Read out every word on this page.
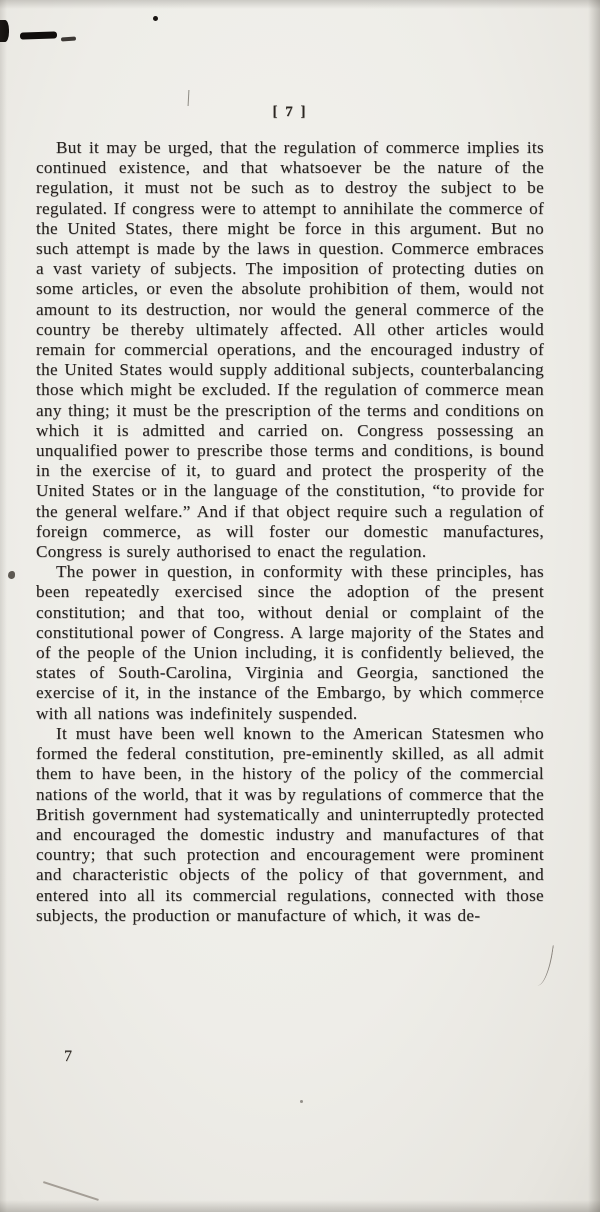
[ 7 ]

But it may be urged, that the regulation of commerce implies its continued existence, and that whatsoever be the nature of the regulation, it must not be such as to destroy the subject to be regulated. If congress were to attempt to annihilate the commerce of the United States, there might be force in this argument. But no such attempt is made by the laws in question. Commerce embraces a vast variety of subjects. The imposition of protecting duties on some articles, or even the absolute prohibition of them, would not amount to its destruction, nor would the general commerce of the country be thereby ultimately affected. All other articles would remain for commercial operations, and the encouraged industry of the United States would supply additional subjects, counterbalancing those which might be excluded. If the regulation of commerce mean any thing; it must be the prescription of the terms and conditions on which it is admitted and carried on. Congress possessing an unqualified power to prescribe those terms and conditions, is bound in the exercise of it, to guard and protect the prosperity of the United States or in the language of the constitution, “to provide for the general welfare.” And if that object require such a regulation of foreign commerce, as will foster our domestic manufactures, Congress is surely authorised to enact the regulation.

The power in question, in conformity with these principles, has been repeatedly exercised since the adoption of the present constitution; and that too, without denial or complaint of the constitutional power of Congress. A large majority of the States and of the people of the Union including, it is confidently believed, the states of South-Carolina, Virginia and Georgia, sanctioned the exercise of it, in the instance of the Embargo, by which commerce with all nations was indefinitely suspended.

It must have been well known to the American Statesmen who formed the federal constitution, pre-eminently skilled, as all admit them to have been, in the history of the policy of the commercial nations of the world, that it was by regulations of commerce that the British government had systematically and uninterruptedly protected and encouraged the domestic industry and manufactures of that country; that such protection and encouragement were prominent and characteristic objects of the policy of that government, and entered into all its commercial regulations, connected with those subjects, the production or manufacture of which, it was de-

7
